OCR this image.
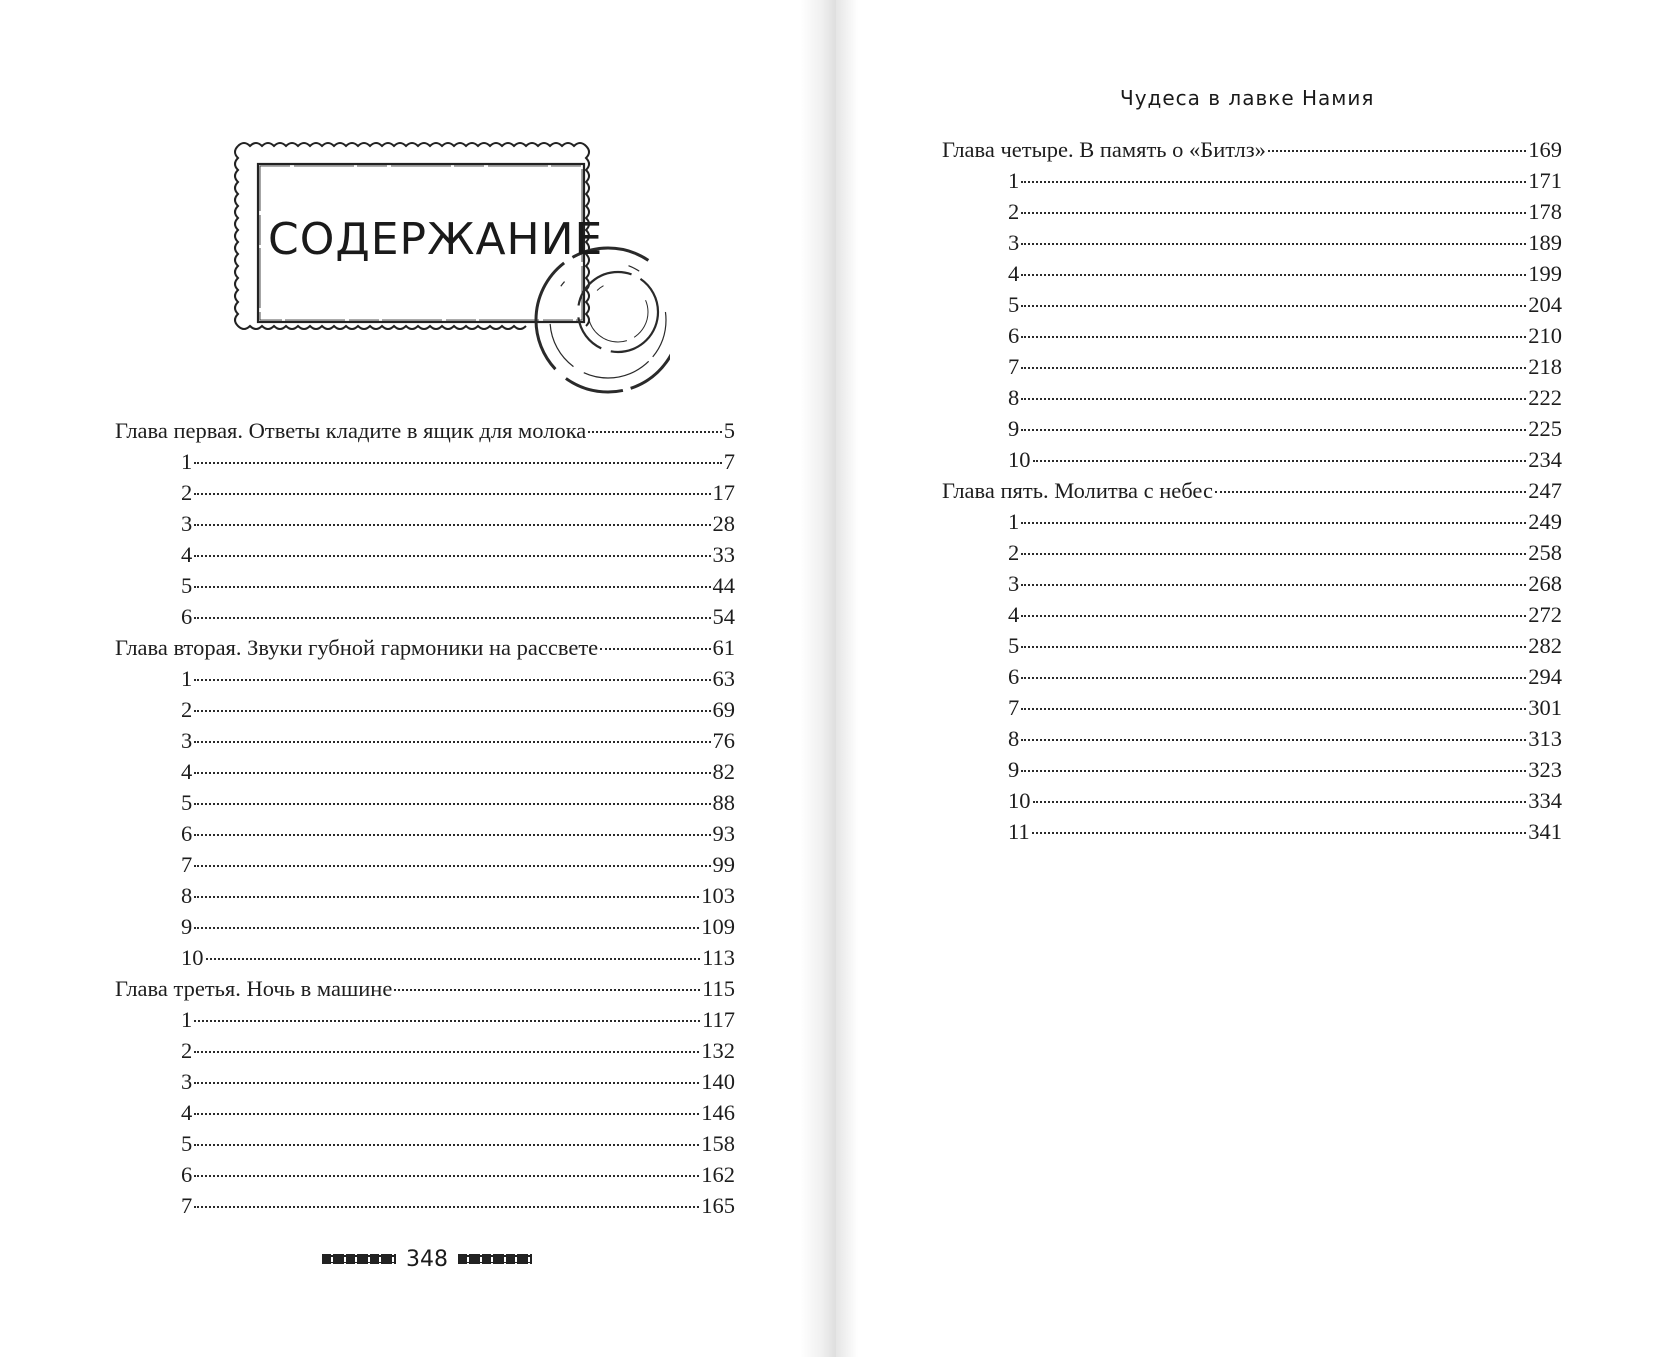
СОДЕРЖАНИЕ
Чудеса в лавке Намия
Глава первая. Ответы кладите в ящик для молока	5
1	7
2	17
3	28
4	33
5	44
6	54
Глава вторая. Звуки губной гармоники на рассвете	61
1	63
2	69
3	76
4	82
5	88
6	93
7	99
8	103
9	109
10	113
Глава третья. Ночь в машине	115
1	117
2	132
3	140
4	146
5	158
6	162
7	165
Глава четыре. В память о «Битлз»	169
1	171
2	178
3	189
4	199
5	204
6	210
7	218
8	222
9	225
10	234
Глава пять. Молитва с небес	247
1	249
2	258
3	268
4	272
5	282
6	294
7	301
8	313
9	323
10	334
11	341
348
